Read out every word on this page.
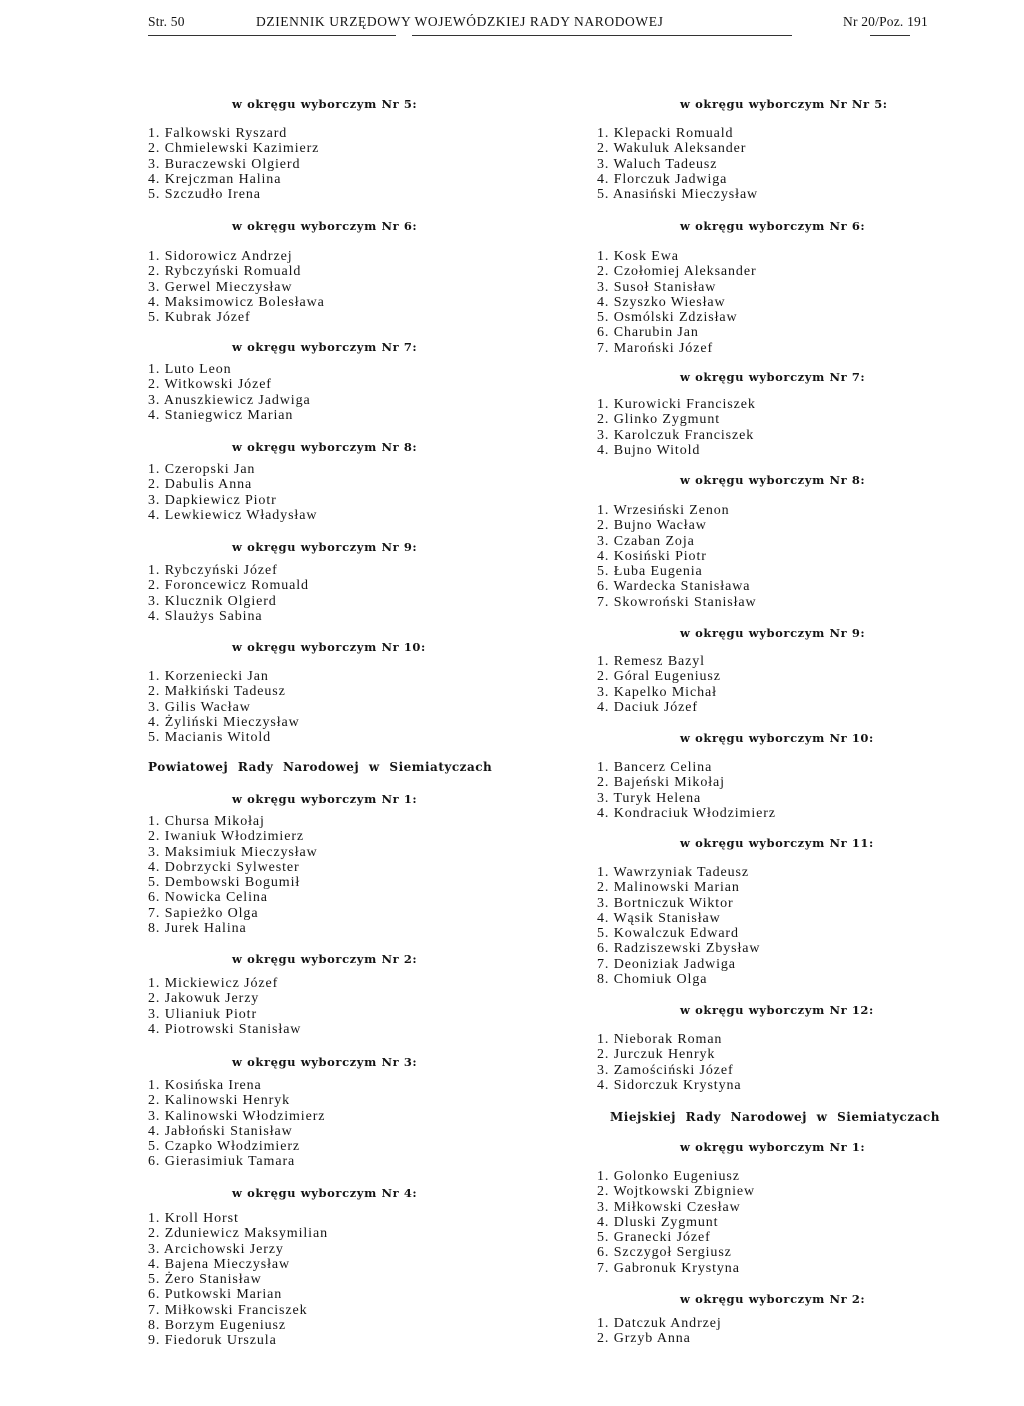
Str. 50	DZIENNIK URZĘDOWY WOJEWÓDZKIEJ RADY NARODOWEJ	Nr 20/Poz. 191
w okręgu wyborczym Nr 5:
1. Falkowski Ryszard
2. Chmielewski Kazimierz
3. Buraczewski Olgierd
4. Krejczman Halina
5. Szczudło Irena
w okręgu wyborczym Nr 6:
1. Sidorowicz Andrzej
2. Rybczyński Romuald
3. Gerwel Mieczysław
4. Maksimowicz Bolesława
5. Kubrak Józef
w okręgu wyborczym Nr 7:
1. Luto Leon
2. Witkowski Józef
3. Anuszkiewicz Jadwiga
4. Staniegwicz Marian
w okręgu wyborczym Nr 8:
1. Czeropski Jan
2. Dabulis Anna
3. Dapkiewicz Piotr
4. Lewkiewicz Władysław
w okręgu wyborczym Nr 9:
1. Rybczyński Józef
2. Foroncewicz Romuald
3. Klucznik Olgierd
4. Slaużys Sabina
w okręgu wyborczym Nr 10:
1. Korzeniecki Jan
2. Małkiński Tadeusz
3. Gilis Wacław
4. Żyliński Mieczysław
5. Macianis Witold
Powiatowej Rady Narodowej w Siemiatyczach
w okręgu wyborczym Nr 1:
1. Chursa Mikołaj
2. Iwaniuk Włodzimierz
3. Maksimiuk Mieczysław
4. Dobrzycki Sylwester
5. Dembowski Bogumił
6. Nowicka Celina
7. Sapieżko Olga
8. Jurek Halina
w okręgu wyborczym Nr 2:
1. Mickiewicz Józef
2. Jakowuk Jerzy
3. Ulianiuk Piotr
4. Piotrowski Stanisław
w okręgu wyborczym Nr 3:
1. Kosińska Irena
2. Kalinowski Henryk
3. Kalinowski Włodzimierz
4. Jabłoński Stanisław
5. Czapko Włodzimierz
6. Gierasimiuk Tamara
w okręgu wyborczym Nr 4:
1. Kroll Horst
2. Zduniewicz Maksymilian
3. Arcichowski Jerzy
4. Bajena Mieczysław
5. Żero Stanisław
6. Putkowski Marian
7. Miłkowski Franciszek
8. Borzym Eugeniusz
9. Fiedoruk Urszula
w okręgu wyborczym Nr Nr 5:
1. Klepacki Romuald
2. Wakuluk Aleksander
3. Waluch Tadeusz
4. Florczuk Jadwiga
5. Anasiński Mieczysław
w okręgu wyborczym Nr 6:
1. Kosk Ewa
2. Czołomiej Aleksander
3. Susoł Stanisław
4. Szyszko Wiesław
5. Osmólski Zdzisław
6. Charubin Jan
7. Maroński Józef
w okręgu wyborczym Nr 7:
1. Kurowicki Franciszek
2. Glinko Zygmunt
3. Karolczuk Franciszek
4. Bujno Witold
w okręgu wyborczym Nr 8:
1. Wrzesiński Zenon
2. Bujno Wacław
3. Czaban Zoja
4. Kosiński Piotr
5. Łuba Eugenia
6. Wardecka Stanisława
7. Skowroński Stanisław
w okręgu wyborczym Nr 9:
1. Remesz Bazyl
2. Góral Eugeniusz
3. Kapelko Michał
4. Daciuk Józef
w okręgu wyborczym Nr 10:
1. Bancerz Celina
2. Bajeński Mikołaj
3. Turyk Helena
4. Kondraciuk Włodzimierz
w okręgu wyborczym Nr 11:
1. Wawrzyniak Tadeusz
2. Malinowski Marian
3. Bortniczuk Wiktor
4. Wąsik Stanisław
5. Kowalczuk Edward
6. Radziszewski Zbysław
7. Deoniziak Jadwiga
8. Chomiuk Olga
w okręgu wyborczym Nr 12:
1. Nieborak Roman
2. Jurczuk Henryk
3. Zamościński Józef
4. Sidorczuk Krystyna
Miejskiej Rady Narodowej w Siemiatyczach
w okręgu wyborczym Nr 1:
1. Golonko Eugeniusz
2. Wojtkowski Zbigniew
3. Miłkowski Czesław
4. Dluski Zygmunt
5. Granecki Józef
6. Szczygoł Sergiusz
7. Gabronuk Krystyna
w okręgu wyborczym Nr 2:
1. Datczuk Andrzej
2. Grzyb Anna
